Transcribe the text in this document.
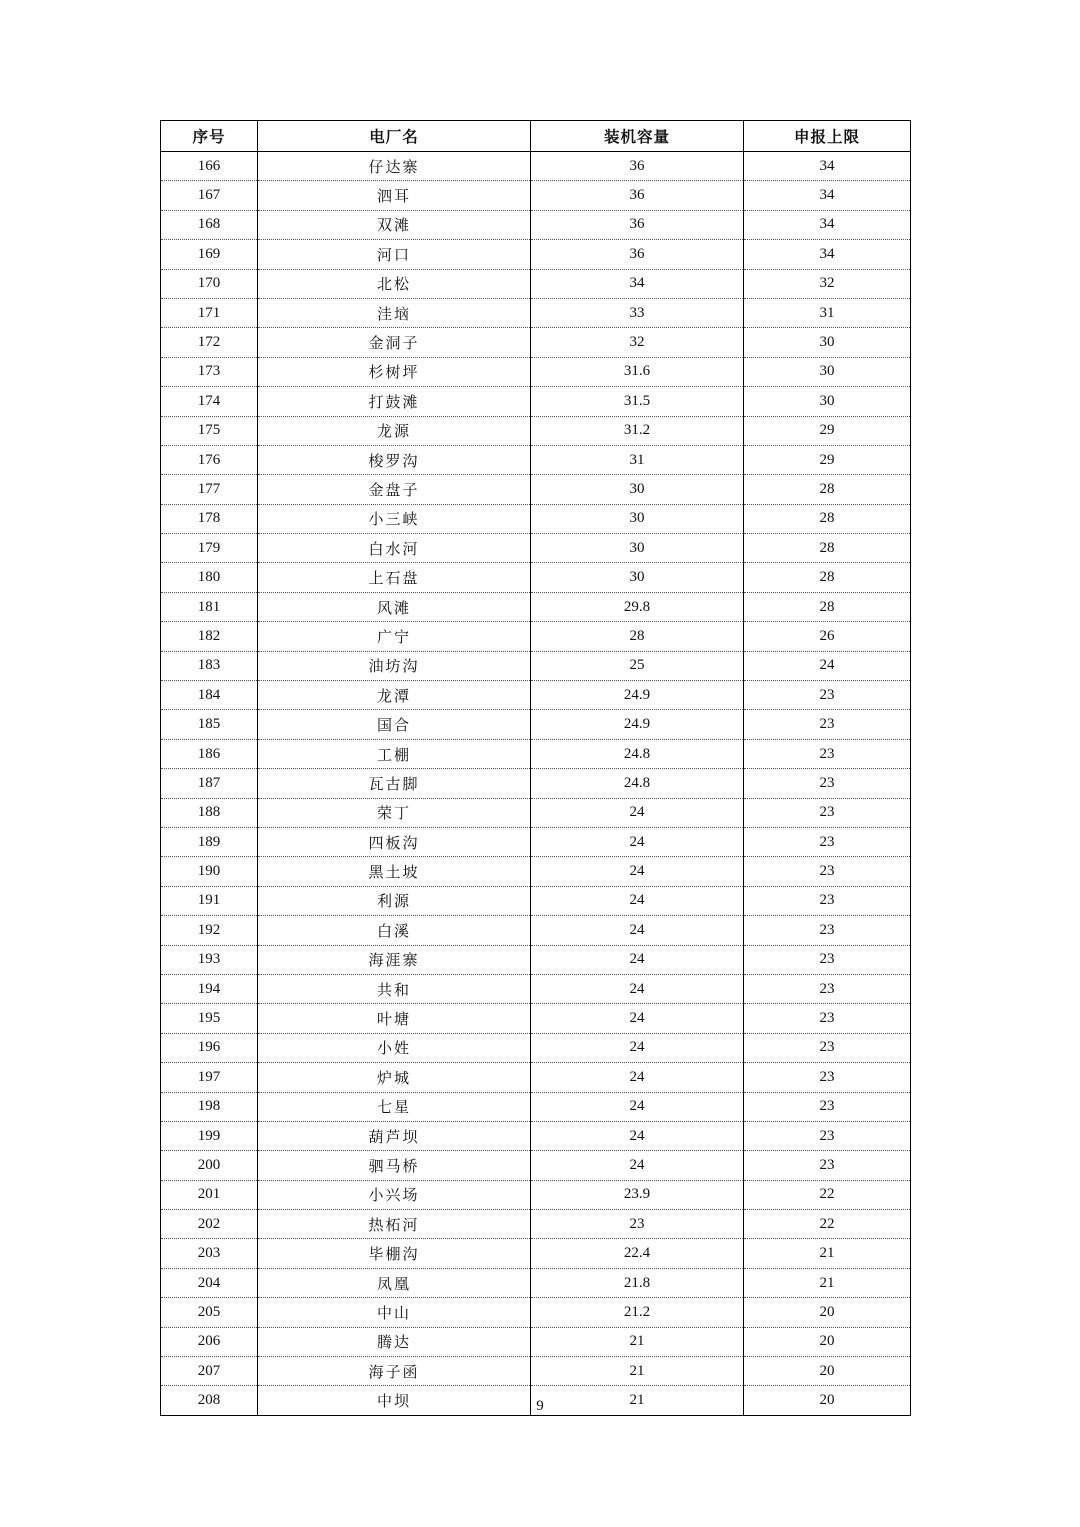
序号	电厂名	装机容量	申报上限
166	仔达寨	36	34
167	泗耳	36	34
168	双滩	36	34
169	河口	36	34
170	北松	34	32
171	洼垴	33	31
172	金洞子	32	30
173	杉树坪	31.6	30
174	打鼓滩	31.5	30
175	龙源	31.2	29
176	梭罗沟	31	29
177	金盘子	30	28
178	小三峡	30	28
179	白水河	30	28
180	上石盘	30	28
181	风滩	29.8	28
182	广宁	28	26
183	油坊沟	25	24
184	龙潭	24.9	23
185	国合	24.9	23
186	工棚	24.8	23
187	瓦古脚	24.8	23
188	荣丁	24	23
189	四板沟	24	23
190	黑土坡	24	23
191	利源	24	23
192	白溪	24	23
193	海涯寨	24	23
194	共和	24	23
195	叶塘	24	23
196	小姓	24	23
197	炉城	24	23
198	七星	24	23
199	葫芦坝	24	23
200	驷马桥	24	23
201	小兴场	23.9	22
202	热柘河	23	22
203	毕棚沟	22.4	21
204	凤凰	21.8	21
205	中山	21.2	20
206	腾达	21	20
207	海子函	21	20
208	中坝	21	20
9
